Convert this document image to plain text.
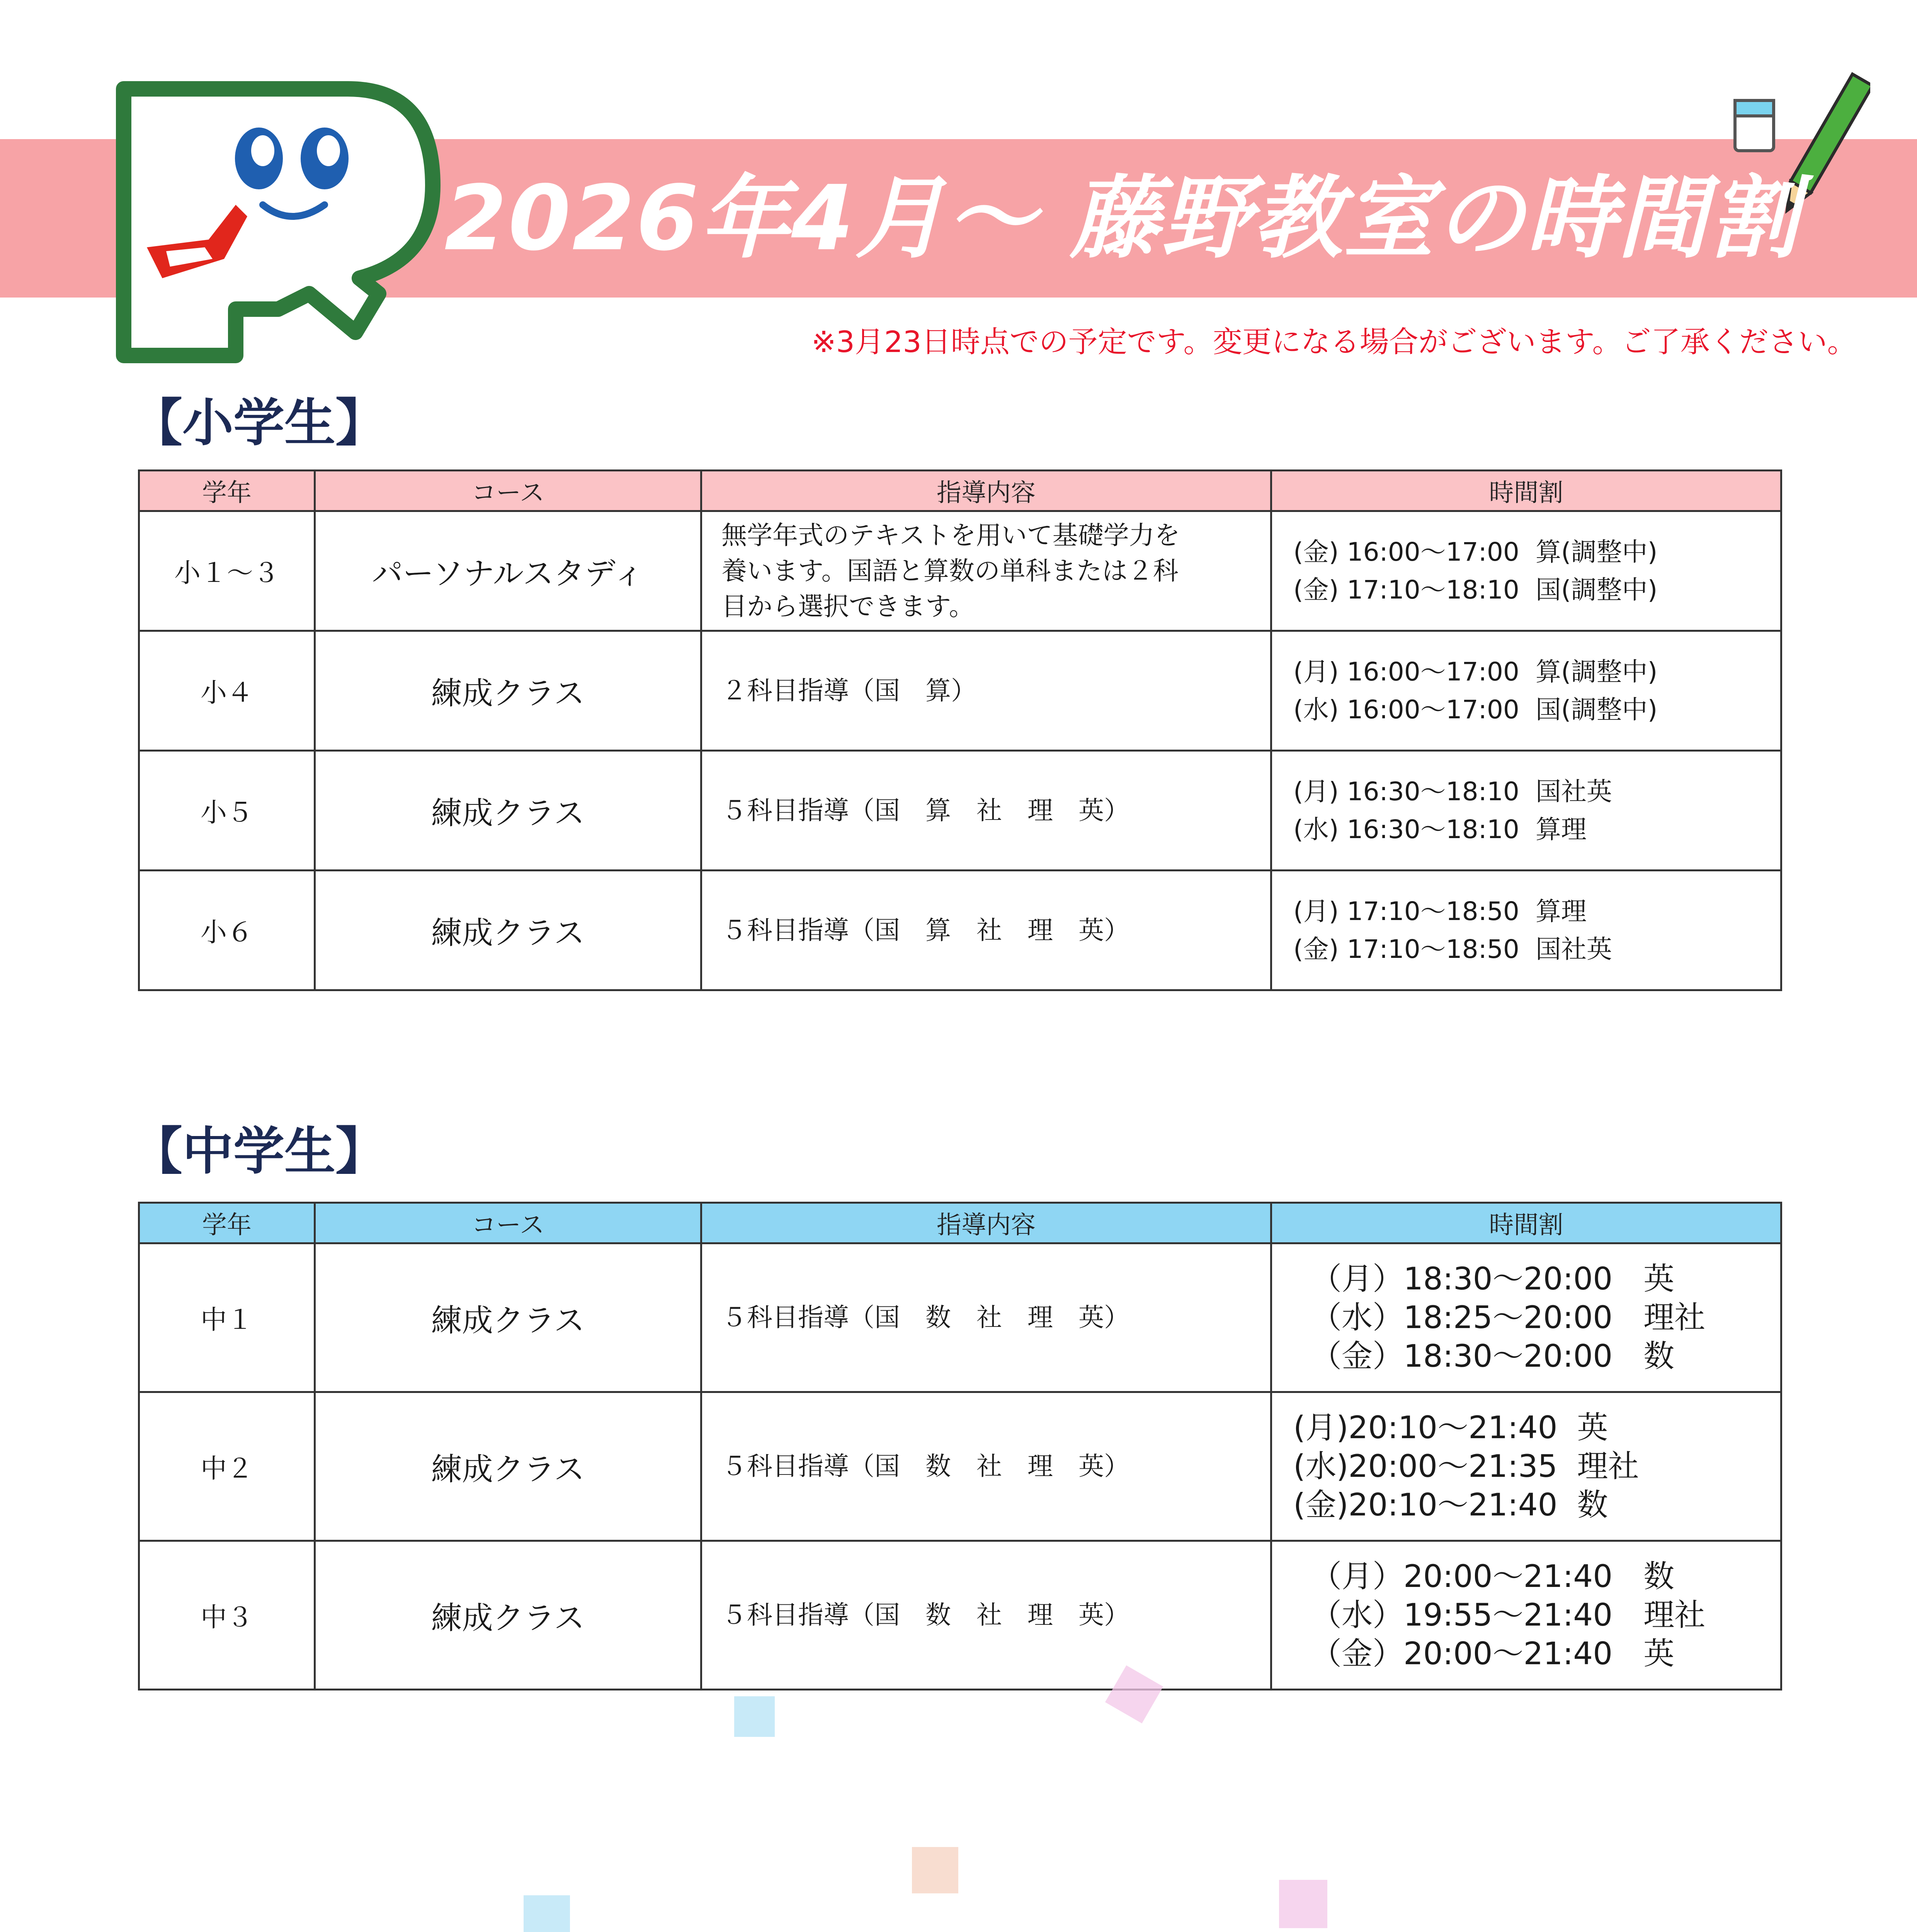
2026年4月～ 藤野教室の時間割
※3月23日時点での予定です。変更になる場合がございます。ご了承ください。
【小学生】
学年	コース	指導内容	時間割
小１～３	パーソナルスタディ	無学年式のテキストを用いて基礎学力を
養います。国語と算数の単科または２科
目から選択できます。	(金) 16:00～17:00  算(調整中)
(金) 17:10～18:10  国(調整中)

小４	練成クラス	２科目指導（国　算）	(月) 16:00～17:00  算(調整中)
(水) 16:00～17:00  国(調整中)

小５	練成クラス	５科目指導（国　算　社　理　英）	(月) 16:30～18:10  国社英
(水) 16:30～18:10  算理

小６	練成クラス	５科目指導（国　算　社　理　英）	(月) 17:10～18:50  算理
(金) 17:10～18:50  国社英
【中学生】
学年	コース	指導内容	時間割
中１	練成クラス	５科目指導（国　数　社　理　英）	（月）18:30～20:00　英
（水）18:25～20:00　理社
（金）18:30～20:00　数

中２	練成クラス	５科目指導（国　数　社　理　英）	(月)20:10～21:40  英
(水)20:00～21:35  理社
(金)20:10～21:40  数

中３	練成クラス	５科目指導（国　数　社　理　英）	（月）20:00～21:40　数
（水）19:55～21:40　理社
（金）20:00～21:40　英
